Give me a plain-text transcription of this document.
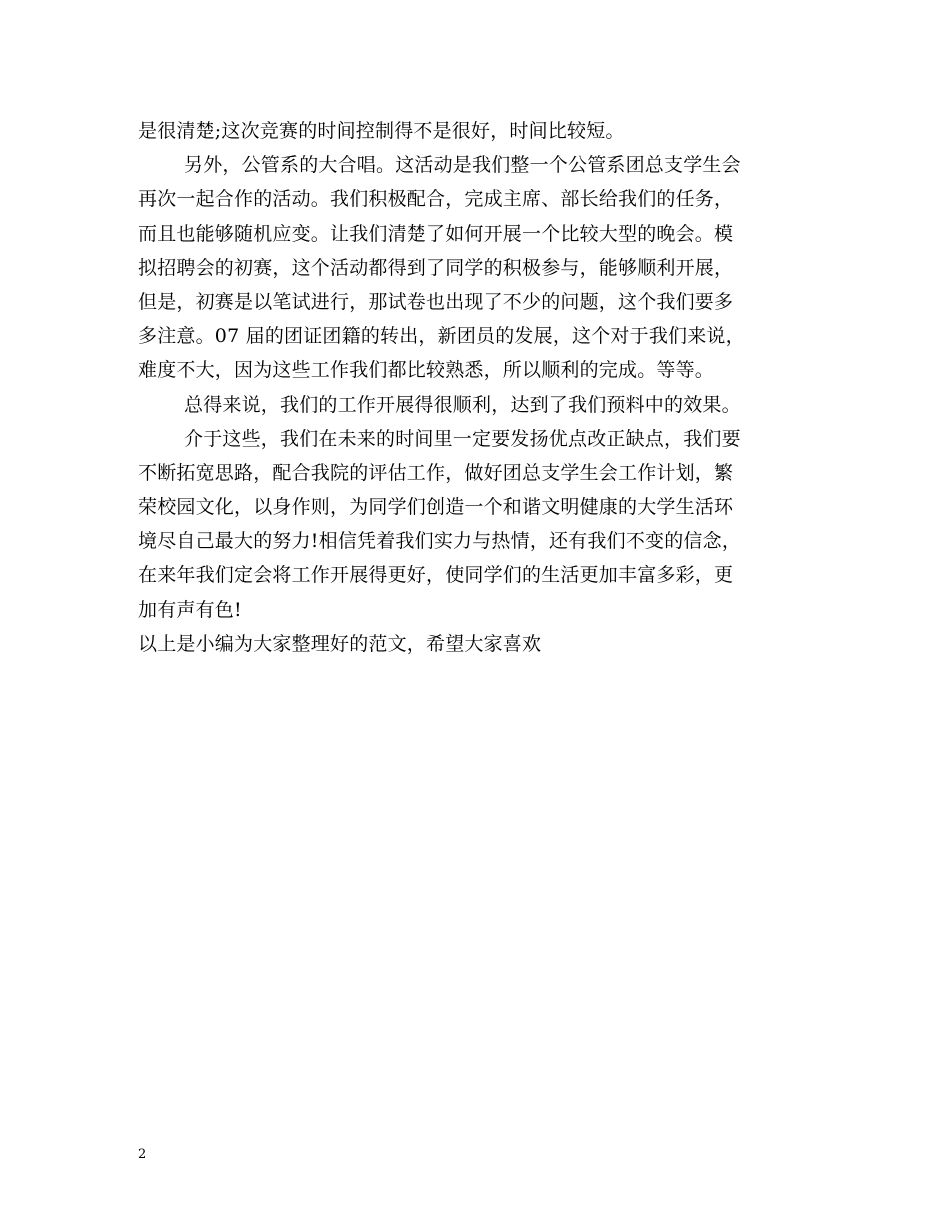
是很清楚;这次竞赛的时间控制得不是很好，时间比较短。
另外，公管系的大合唱。这活动是我们整一个公管系团总支学生会
再次一起合作的活动。我们积极配合，完成主席、部长给我们的任务，
而且也能够随机应变。让我们清楚了如何开展一个比较大型的晚会。模
拟招聘会的初赛，这个活动都得到了同学的积极参与，能够顺利开展，
但是，初赛是以笔试进行，那试卷也出现了不少的问题，这个我们要多
多注意。07 届的团证团籍的转出，新团员的发展，这个对于我们来说，
难度不大，因为这些工作我们都比较熟悉，所以顺利的完成。等等。
总得来说，我们的工作开展得很顺利，达到了我们预料中的效果。
介于这些，我们在未来的时间里一定要发扬优点改正缺点，我们要
不断拓宽思路，配合我院的评估工作，做好团总支学生会工作计划，繁
荣校园文化，以身作则，为同学们创造一个和谐文明健康的大学生活环
境尽自己最大的努力!相信凭着我们实力与热情，还有我们不变的信念，
在来年我们定会将工作开展得更好，使同学们的生活更加丰富多彩，更
加有声有色!
以上是小编为大家整理好的范文，希望大家喜欢
2
